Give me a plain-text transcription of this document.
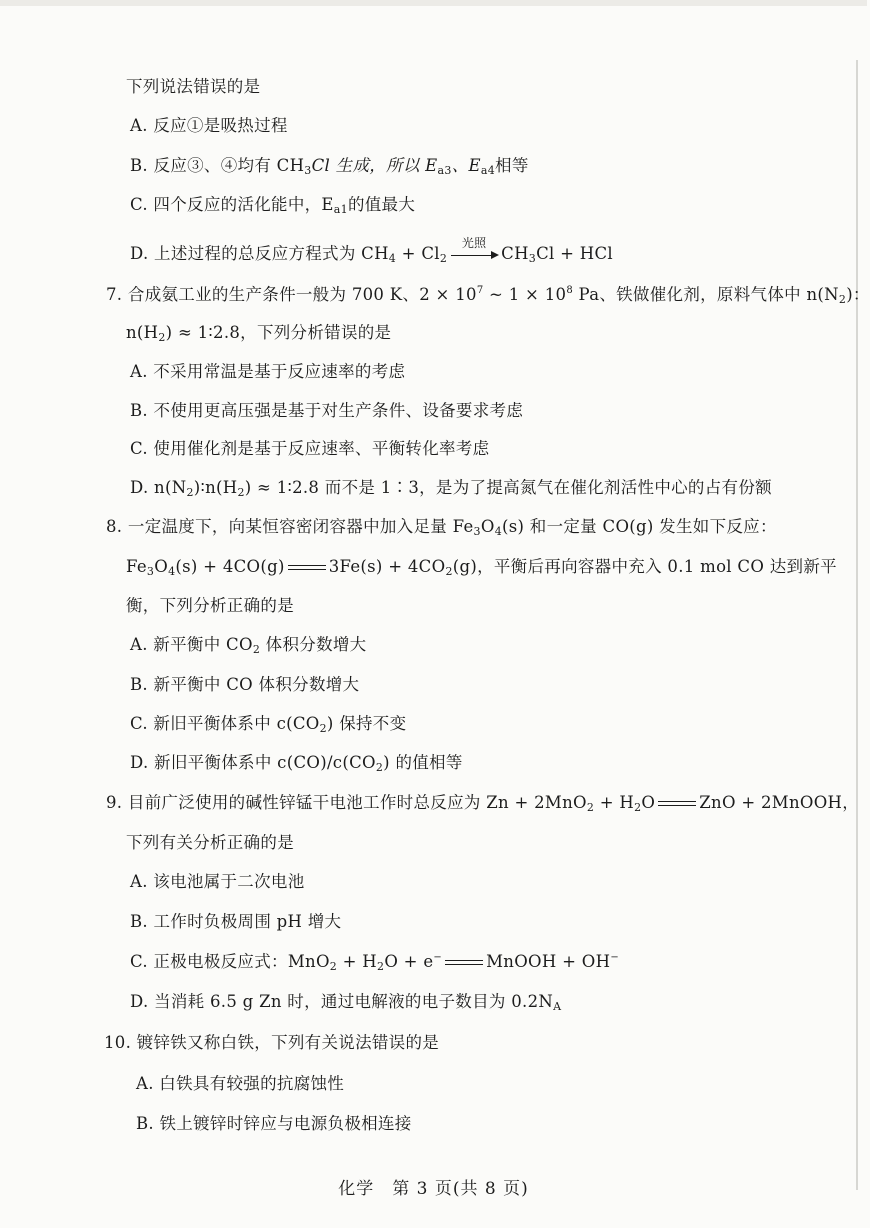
下列说法错误的是
A. 反应①是吸热过程
B. 反应③、④均有 $CH_3Cl$ 生成，所以 $E_{a3}$、$E_{a4}$相等
C. 四个反应的活化能中，$E_{a1}$的值最大
D. 上述过程的总反应方程式为 $CH_4 + Cl_2$
光照
$CH_3Cl$ + HCl
7. 合成氨工业的生产条件一般为 700 K、$2 \times 10^7$ ~ $1 \times 10^8$ Pa、铁做催化剂，原料气体中 $n(N_2)$：
$n(H_2)$ ≈ 1∶2.8，下列分析错误的是
A. 不采用常温是基于反应速率的考虑
B. 不使用更高压强是基于对生产条件、设备要求考虑
C. 使用催化剂是基于反应速率、平衡转化率考虑
D. $n(N_2)∶n(H_2)$ ≈ 1∶2.8 而不是 1∶3，是为了提高氮气在催化剂活性中心的占有份额
8. 一定温度下，向某恒容密闭容器中加入足量 $Fe_3O_4(s)$ 和一定量 CO(g) 发生如下反应：
$Fe_3O_4(s) + 4CO(g)$	$3Fe(s) + 4CO_2(g)$，平衡后再向容器中充入 0.1 mol CO 达到新平
衡，下列分析正确的是
A. 新平衡中 $CO_2$ 体积分数增大
B. 新平衡中 CO 体积分数增大
C. 新旧平衡体系中 $c(CO_2)$ 保持不变
D. 新旧平衡体系中 $c(CO)/c(CO_2)$ 的值相等
9. 目前广泛使用的碱性锌锰干电池工作时总反应为 $Zn + 2MnO_2 + H_2O$	ZnO + 2MnOOH，
下列有关分析正确的是
A. 该电池属于二次电池
B. 工作时负极周围 pH 增大
C. 正极电极反应式：$MnO_2 + H_2O + e^-$	MnOOH + OH−
D. 当消耗 6.5 g Zn 时，通过电解液的电子数目为 $0.2N_A$
10. 镀锌铁又称白铁，下列有关说法错误的是
A. 白铁具有较强的抗腐蚀性
B. 铁上镀锌时锌应与电源负极相连接
化学　第 3 页(共 8 页)
